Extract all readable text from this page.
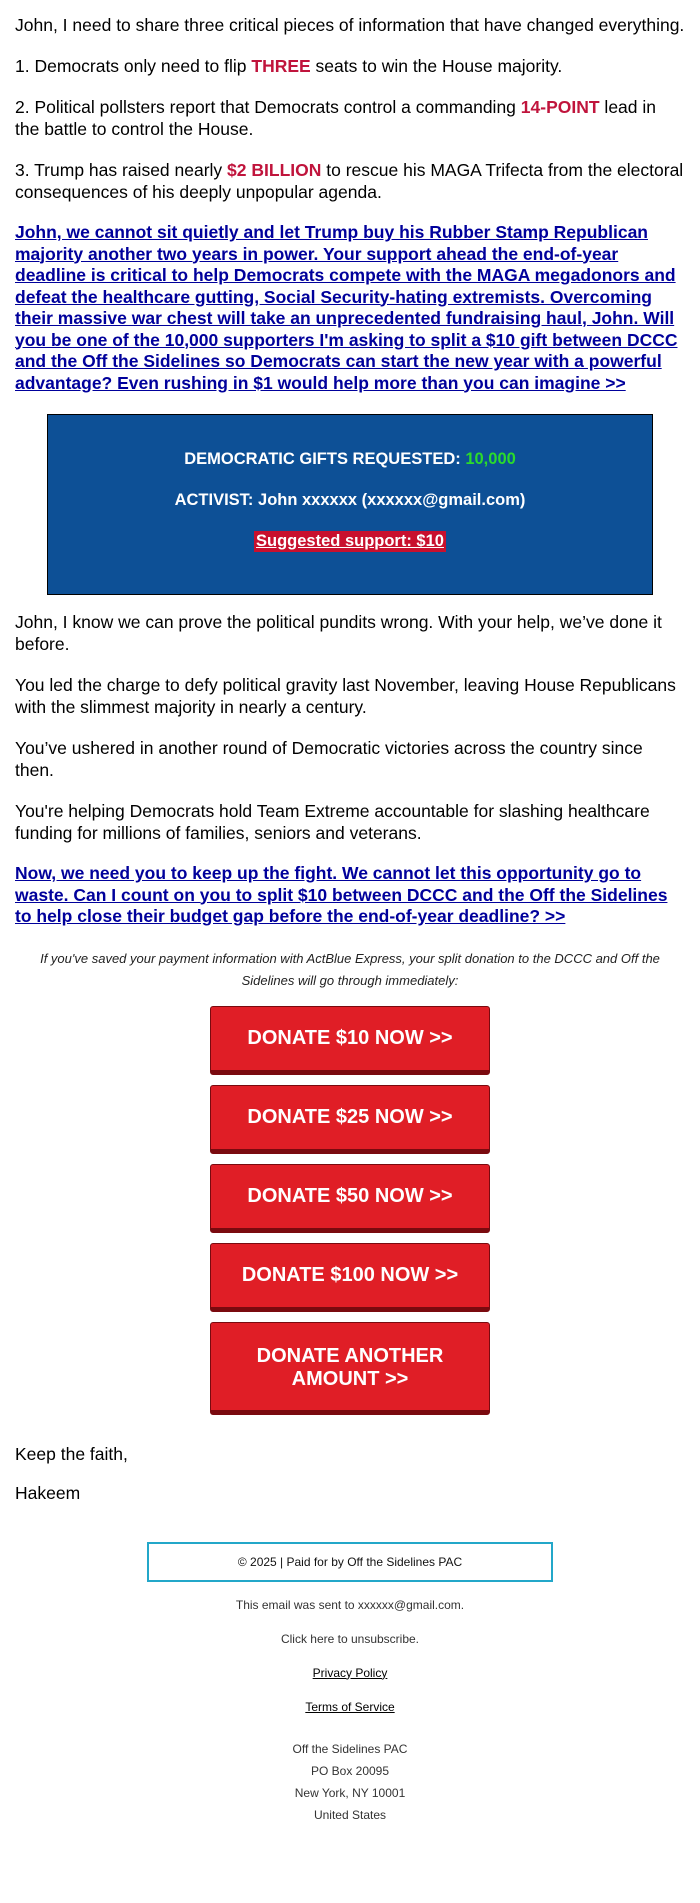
John, I need to share three critical pieces of information that have changed everything.

1. Democrats only need to flip THREE seats to win the House majority.

2. Political pollsters report that Democrats control a commanding 14-POINT lead in the battle to control the House.

3. Trump has raised nearly $2 BILLION to rescue his MAGA Trifecta from the electoral consequences of his deeply unpopular agenda.

John, we cannot sit quietly and let Trump buy his Rubber Stamp Republican majority another two years in power. Your support ahead the end-of-year deadline is critical to help Democrats compete with the MAGA megadonors and defeat the healthcare gutting, Social Security-hating extremists. Overcoming their massive war chest will take an unprecedented fundraising haul, John. Will you be one of the 10,000 supporters I'm asking to split a $10 gift between DCCC and the Off the Sidelines so Democrats can start the new year with a powerful advantage? Even rushing in $1 would help more than you can imagine >>
DEMOCRATIC GIFTS REQUESTED: 10,000
ACTIVIST: John xxxxxx (xxxxxx@gmail.com)
Suggested support: $10

John, I know we can prove the political pundits wrong. With your help, we’ve done it before.

You led the charge to defy political gravity last November, leaving House Republicans with the slimmest majority in nearly a century.

You’ve ushered in another round of Democratic victories across the country since then.

You're helping Democrats hold Team Extreme accountable for slashing healthcare funding for millions of families, seniors and veterans.

Now, we need you to keep up the fight. We cannot let this opportunity go to waste. Can I count on you to split $10 between DCCC and the Off the Sidelines to help close their budget gap before the end-of-year deadline? >>
If you've saved your payment information with ActBlue Express, your split donation to the DCCC and Off the Sidelines will go through immediately:
DONATE $10 NOW >>
DONATE $25 NOW >>
DONATE $50 NOW >>
DONATE $100 NOW >>
DONATE ANOTHER AMOUNT >>

Keep the faith,

Hakeem

© 2025 | Paid for by Off the Sidelines PAC
This email was sent to xxxxxx@gmail.com.
Click here to unsubscribe.
Privacy Policy
Terms of Service
Off the Sidelines PAC
PO Box 20095
New York, NY 10001
United States
